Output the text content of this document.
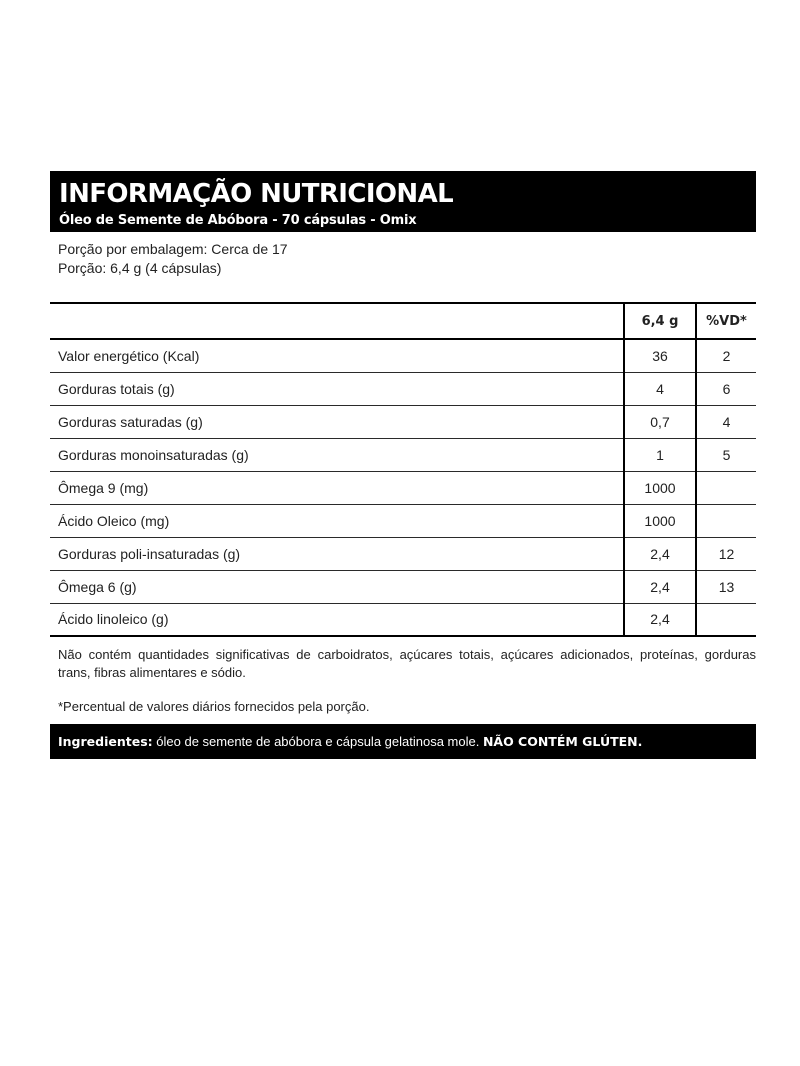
INFORMAÇÃO NUTRICIONAL
Óleo de Semente de Abóbora - 70 cápsulas - Omix
Porção por embalagem: Cerca de 17
Porção: 6,4 g (4 cápsulas)
	6,4 g	%VD*
Valor energético (Kcal)	36	2
Gorduras totais (g)	4	6
Gorduras saturadas (g)	0,7	4
Gorduras monoinsaturadas (g)	1	5
Ômega 9 (mg)	1000	
Ácido Oleico (mg)	1000	
Gorduras poli-insaturadas (g)	2,4	12
Ômega 6 (g)	2,4	13
Ácido linoleico (g)	2,4	
Não contém quantidades significativas de carboidratos, açúcares totais, açúcares adicionados, proteínas, gorduras trans, fibras alimentares e sódio.
*Percentual de valores diários fornecidos pela porção.
Ingredientes: óleo de semente de abóbora e cápsula gelatinosa mole. NÃO CONTÉM GLÚTEN.
